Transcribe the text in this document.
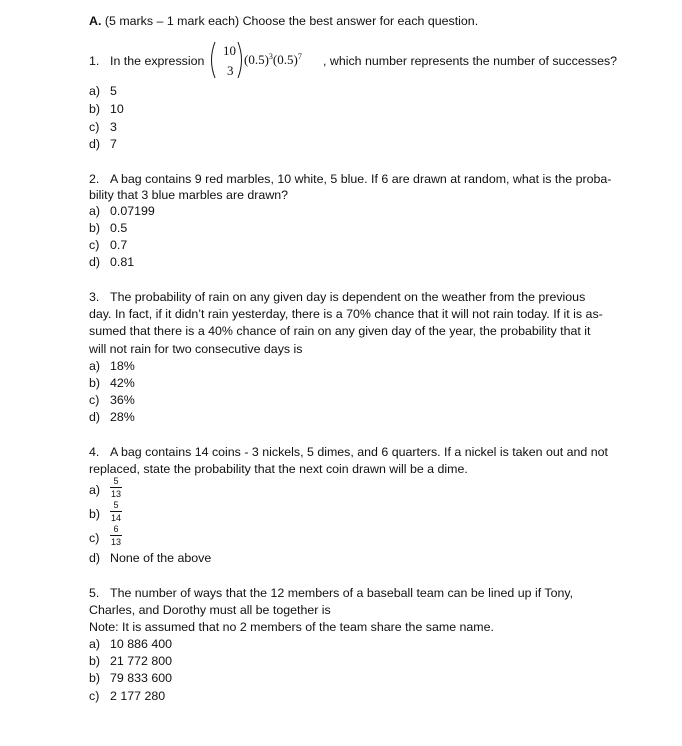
A. (5 marks – 1 mark each) Choose the best answer for each question.
1. In the expression
10
3
$(0.5)^3(0.5)^7$ , which number represents the number of successes?
a) 5
b) 10
c) 3
d) 7
2. A bag contains 9 red marbles, 10 white, 5 blue. If 6 are drawn at random, what is the proba-
bility that 3 blue marbles are drawn?
a) 0.07199
b) 0.5
c) 0.7
d) 0.81
3. The probability of rain on any given day is dependent on the weather from the previous
day. In fact, if it didn’t rain yesterday, there is a 70% chance that it will not rain today. If it is as-
sumed that there is a 40% chance of rain on any given day of the year, the probability that it
will not rain for two consecutive days is
a) 18%
b) 42%
c) 36%
d) 28%
4. A bag contains 14 coins - 3 nickels, 5 dimes, and 6 quarters. If a nickel is taken out and not
replaced, state the probability that the next coin drawn will be a dime.
a)
5
13
b)
5
14
c)
6
13
d) None of the above
5. The number of ways that the 12 members of a baseball team can be lined up if Tony,
Charles, and Dorothy must all be together is
Note: It is assumed that no 2 members of the team share the same name.
a) 10 886 400
b) 21 772 800
b) 79 833 600
c) 2 177 280
